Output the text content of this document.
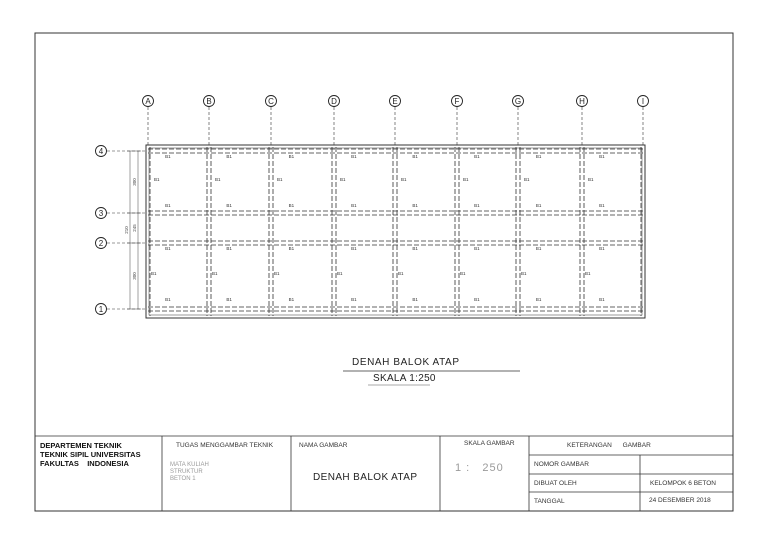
A	B	C	D	E	F	G	H	I
4
3
2
1
300
245
300
210
B1
B1
B1
B1
B1
B1
B1
B1
B1
B1
B1
B1
B1
B1
B1
B1
B1
B1
B1
B1
B1
B1
B1
B1
B1
B1
B1
B1
B1
B1
B1
B1
B1
B1
B1
B1
B1
B1
B1
B1
B1
B1
B1
B1
B1
B1
B1
B1
DENAH BALOK ATAP
SKALA 1:250
DEPARTEMEN TEKNIK
TEKNIK SIPIL UNIVERSITAS
FAKULTAS    INDONESIA
TUGAS MENGGAMBAR TEKNIK
MATA KULIAH
STRUKTUR
BETON 1
NAMA GAMBAR
DENAH BALOK ATAP
SKALA GAMBAR
1 :   250
KETERANGAN      GAMBAR
NOMOR GAMBAR
DIBUAT OLEH	KELOMPOK 6 BETON
TANGGAL	24 DESEMBER 2018
